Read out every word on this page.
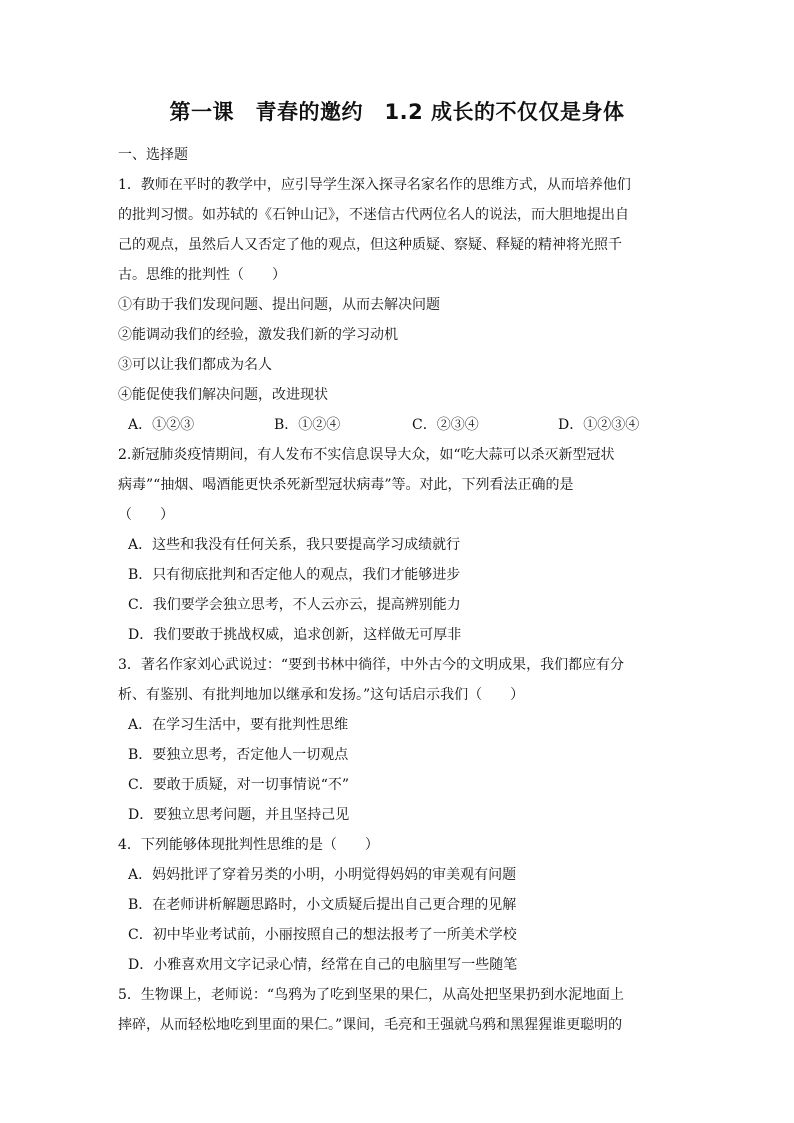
第一课　青春的邀约　1.2 成长的不仅仅是身体
一、选择题
1．教师在平时的教学中，应引导学生深入探寻名家名作的思维方式，从而培养他们
的批判习惯。如苏轼的《石钟山记》，不迷信古代两位名人的说法，而大胆地提出自
己的观点，虽然后人又否定了他的观点，但这种质疑、察疑、释疑的精神将光照千
古。思维的批判性（　　）
①有助于我们发现问题、提出问题，从而去解决问题
②能调动我们的经验，激发我们新的学习动机
③可以让我们都成为名人
④能促使我们解决问题，改进现状
A．①②③	B．①②④	C．②③④	D．①②③④
2.新冠肺炎疫情期间，有人发布不实信息误导大众，如“吃大蒜可以杀灭新型冠状
病毒”“抽烟、喝酒能更快杀死新型冠状病毒”等。对此，下列看法正确的是
（　　）
A．这些和我没有任何关系，我只要提高学习成绩就行
B．只有彻底批判和否定他人的观点，我们才能够进步
C．我们要学会独立思考，不人云亦云，提高辨别能力
D．我们要敢于挑战权威，追求创新，这样做无可厚非
3．著名作家刘心武说过：“要到书林中徜徉，中外古今的文明成果，我们都应有分
析、有鉴别、有批判地加以继承和发扬。”这句话启示我们（　　）
A．在学习生活中，要有批判性思维
B．要独立思考，否定他人一切观点
C．要敢于质疑，对一切事情说“不”
D．要独立思考问题，并且坚持己见
4．下列能够体现批判性思维的是（　　）
A．妈妈批评了穿着另类的小明，小明觉得妈妈的审美观有问题
B．在老师讲析解题思路时，小文质疑后提出自己更合理的见解
C．初中毕业考试前，小丽按照自己的想法报考了一所美术学校
D．小雅喜欢用文字记录心情，经常在自己的电脑里写一些随笔
5．生物课上，老师说：“鸟鸦为了吃到坚果的果仁，从高处把坚果扔到水泥地面上
摔碎，从而轻松地吃到里面的果仁。”课间，毛亮和王强就乌鸦和黑猩猩谁更聪明的
